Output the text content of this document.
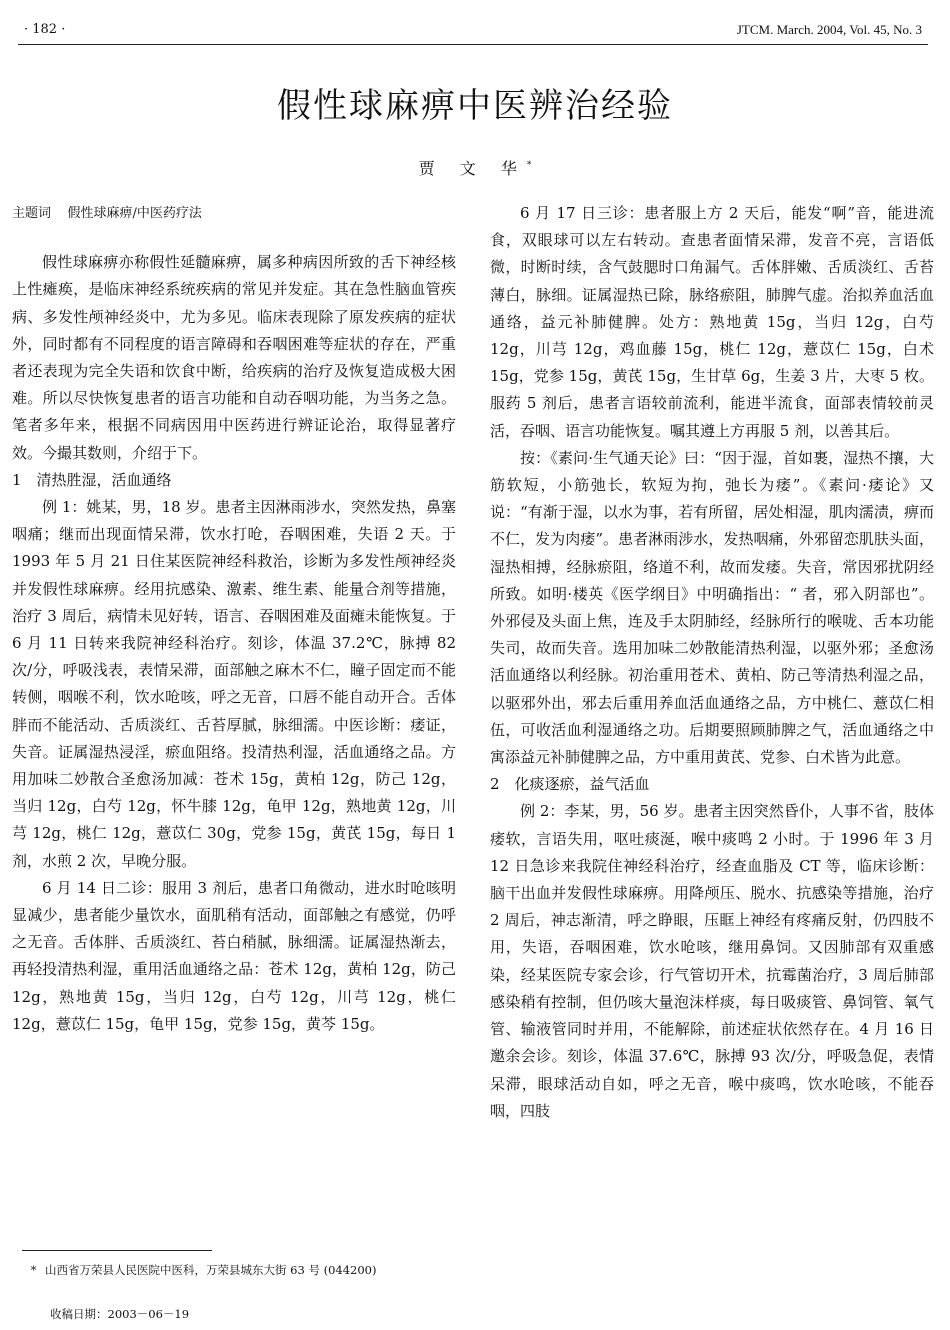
· 182 ·	JTCM. March. 2004, Vol. 45, No. 3
假性球麻痹中医辨治经验
贾 文 华*
主题词 假性球麻痹/中医药疗法

假性球麻痹亦称假性延髓麻痹，属多种病因所致的舌下神经核上性瘫痪，是临床神经系统疾病的常见并发症。其在急性脑血管疾病、多发性颅神经炎中，尤为多见。临床表现除了原发疾病的症状外，同时都有不同程度的语言障碍和吞咽困难等症状的存在，严重者还表现为完全失语和饮食中断，给疾病的治疗及恢复造成极大困难。所以尽快恢复患者的语言功能和自动吞咽功能，为当务之急。笔者多年来，根据不同病因用中医药进行辨证论治，取得显著疗效。今撮其数则，介绍于下。

1　清热胜湿，活血通络

例 1：姚某，男，18 岁。患者主因淋雨涉水，突然发热，鼻塞咽痛；继而出现面情呆滞，饮水打呛，吞咽困难，失语 2 天。于 1993 年 5 月 21 日住某医院神经科救治，诊断为多发性颅神经炎并发假性球麻痹。经用抗感染、激素、维生素、能量合剂等措施，治疗 3 周后，病情未见好转，语言、吞咽困难及面瘫未能恢复。于 6 月 11 日转来我院神经科治疗。刻诊，体温 37.2℃，脉搏 82 次/分，呼吸浅表，表情呆滞，面部触之麻木不仁，瞳子固定而不能转侧，咽喉不利，饮水呛咳，呼之无音，口唇不能自动开合。舌体胖而不能活动、舌质淡红、舌苔厚腻，脉细濡。中医诊断：痿证，失音。证属湿热浸淫，瘀血阻络。投清热利湿，活血通络之品。方用加味二妙散合圣愈汤加减：苍术 15g，黄柏 12g，防己 12g，当归 12g，白芍 12g，怀牛膝 12g，龟甲 12g，熟地黄 12g，川芎 12g，桃仁 12g，薏苡仁 30g，党参 15g，黄芪 15g，每日 1 剂，水煎 2 次，早晚分服。

6 月 14 日二诊：服用 3 剂后，患者口角微动，进水时呛咳明显减少，患者能少量饮水，面肌稍有活动，面部触之有感觉，仍呼之无音。舌体胖、舌质淡红、苔白稍腻，脉细濡。证属湿热渐去，再轻投清热利湿，重用活血通络之品：苍术 12g，黄柏 12g，防己 12g，熟地黄 15g，当归 12g，白芍 12g，川芎 12g，桃仁 12g，薏苡仁 15g，龟甲 15g，党参 15g，黄芩 15g。

6 月 17 日三诊：患者服上方 2 天后，能发“啊”音，能进流食，双眼球可以左右转动。查患者面情呆滞，发音不亮，言语低微，时断时续，含气鼓腮时口角漏气。舌体胖嫩、舌质淡红、舌苔薄白，脉细。证属湿热已除，脉络瘀阻，肺脾气虚。治拟养血活血通络，益元补肺健脾。处方：熟地黄 15g，当归 12g，白芍 12g，川芎 12g，鸡血藤 15g，桃仁 12g，薏苡仁 15g，白术 15g，党参 15g，黄芪 15g，生甘草 6g，生姜 3 片，大枣 5 枚。服药 5 剂后，患者言语较前流利，能进半流食，面部表情较前灵活，吞咽、语言功能恢复。嘱其遵上方再服 5 剂，以善其后。

按：《素问·生气通天论》曰：“因于湿，首如裹，湿热不攘，大筋软短，小筋弛长，软短为拘，弛长为痿”。《素问·痿论》又说：“有渐于湿，以水为事，若有所留，居处相湿，肌肉濡渍，痹而不仁，发为肉痿”。患者淋雨涉水，发热咽痛，外邪留恋肌肤头面，湿热相搏，经脉瘀阻，络道不利，故而发痿。失音，常因邪扰阴经所致。如明·楼英《医学纲目》中明确指出：“ 者，邪入阴部也”。外邪侵及头面上焦，连及手太阴肺经，经脉所行的喉咙、舌本功能失司，故而失音。选用加味二妙散能清热利湿，以驱外邪；圣愈汤活血通络以利经脉。初治重用苍术、黄柏、防己等清热利湿之品，以驱邪外出，邪去后重用养血活血通络之品，方中桃仁、薏苡仁相伍，可收活血利湿通络之功。后期要照顾肺脾之气，活血通络之中寓添益元补肺健脾之品，方中重用黄芪、党参、白术皆为此意。

2　化痰逐瘀，益气活血

例 2：李某，男，56 岁。患者主因突然昏仆，人事不省，肢体痿软，言语失用，呕吐痰涎，喉中痰鸣 2 小时。于 1996 年 3 月 12 日急诊来我院住神经科治疗，经查血脂及 CT 等，临床诊断：脑干出血并发假性球麻痹。用降颅压、脱水、抗感染等措施，治疗 2 周后，神志渐清，呼之睁眼，压眶上神经有疼痛反射，仍四肢不用，失语，吞咽困难，饮水呛咳，继用鼻饲。又因肺部有双重感染，经某医院专家会诊，行气管切开术，抗霉菌治疗，3 周后肺部感染稍有控制，但仍咳大量泡沫样痰，每日吸痰管、鼻饲管、氧气管、输液管同时并用，不能解除，前述症状依然存在。4 月 16 日邀余会诊。刻诊，体温 37.6℃，脉搏 93 次/分，呼吸急促，表情呆滞，眼球活动自如，呼之无音，喉中痰鸣，饮水呛咳，不能吞咽，四肢

* 山西省万荣县人民医院中医科，万荣县城东大街 63 号 (044200)
收稿日期：2003－06－19
